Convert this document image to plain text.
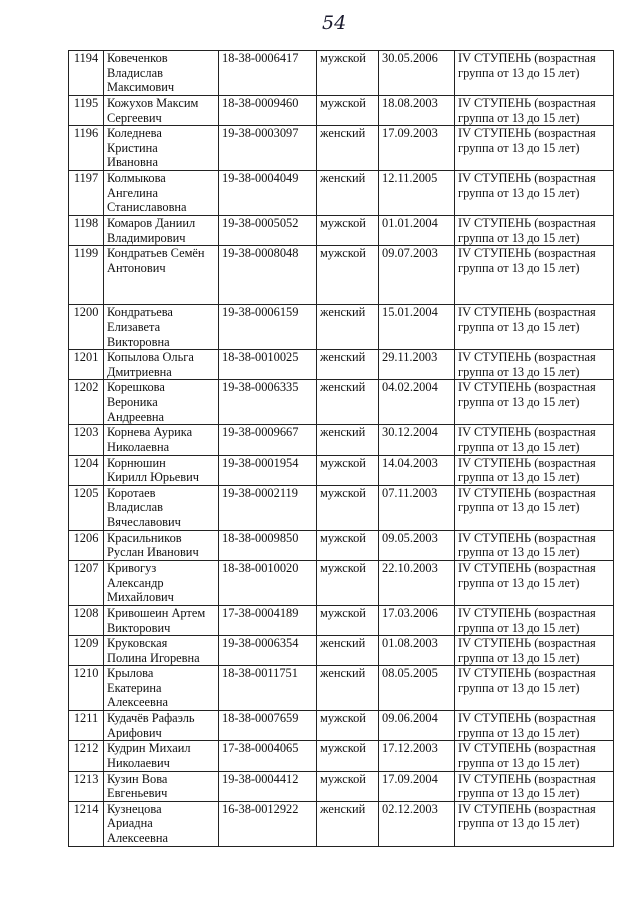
54
1194	Ковеченков
Владислав
Максимович	18-38-0006417	мужской	30.05.2006	IV СТУПЕНЬ (возрастная
группа от 13 до 15 лет)
1195	Кожухов Максим
Сергеевич	18-38-0009460	мужской	18.08.2003	IV СТУПЕНЬ (возрастная
группа от 13 до 15 лет)
1196	Коледнева
Кристина
Ивановна	19-38-0003097	женский	17.09.2003	IV СТУПЕНЬ (возрастная
группа от 13 до 15 лет)
1197	Колмыкова
Ангелина
Станиславовна	19-38-0004049	женский	12.11.2005	IV СТУПЕНЬ (возрастная
группа от 13 до 15 лет)
1198	Комаров Даниил
Владимирович	19-38-0005052	мужской	01.01.2004	IV СТУПЕНЬ (возрастная
группа от 13 до 15 лет)
1199	Кондратьев Семён
Антонович	19-38-0008048	мужской	09.07.2003	IV СТУПЕНЬ (возрастная
группа от 13 до 15 лет)
1200	Кондратьева
Елизавета
Викторовна	19-38-0006159	женский	15.01.2004	IV СТУПЕНЬ (возрастная
группа от 13 до 15 лет)
1201	Копылова Ольга
Дмитриевна	18-38-0010025	женский	29.11.2003	IV СТУПЕНЬ (возрастная
группа от 13 до 15 лет)
1202	Корешкова
Вероника
Андреевна	19-38-0006335	женский	04.02.2004	IV СТУПЕНЬ (возрастная
группа от 13 до 15 лет)
1203	Корнева Аурика
Николаевна	19-38-0009667	женский	30.12.2004	IV СТУПЕНЬ (возрастная
группа от 13 до 15 лет)
1204	Корнюшин
Кирилл Юрьевич	19-38-0001954	мужской	14.04.2003	IV СТУПЕНЬ (возрастная
группа от 13 до 15 лет)
1205	Коротаев
Владислав
Вячеславович	19-38-0002119	мужской	07.11.2003	IV СТУПЕНЬ (возрастная
группа от 13 до 15 лет)
1206	Красильников
Руслан Иванович	18-38-0009850	мужской	09.05.2003	IV СТУПЕНЬ (возрастная
группа от 13 до 15 лет)
1207	Кривогуз
Александр
Михайлович	18-38-0010020	мужской	22.10.2003	IV СТУПЕНЬ (возрастная
группа от 13 до 15 лет)
1208	Кривошеин Артем
Викторович	17-38-0004189	мужской	17.03.2006	IV СТУПЕНЬ (возрастная
группа от 13 до 15 лет)
1209	Круковская
Полина Игоревна	19-38-0006354	женский	01.08.2003	IV СТУПЕНЬ (возрастная
группа от 13 до 15 лет)
1210	Крылова
Екатерина
Алексеевна	18-38-0011751	женский	08.05.2005	IV СТУПЕНЬ (возрастная
группа от 13 до 15 лет)
1211	Кудачёв Рафаэль
Арифович	18-38-0007659	мужской	09.06.2004	IV СТУПЕНЬ (возрастная
группа от 13 до 15 лет)
1212	Кудрин Михаил
Николаевич	17-38-0004065	мужской	17.12.2003	IV СТУПЕНЬ (возрастная
группа от 13 до 15 лет)
1213	Кузин Вова
Евгеньевич	19-38-0004412	мужской	17.09.2004	IV СТУПЕНЬ (возрастная
группа от 13 до 15 лет)
1214	Кузнецова
Ариадна
Алексеевна	16-38-0012922	женский	02.12.2003	IV СТУПЕНЬ (возрастная
группа от 13 до 15 лет)
